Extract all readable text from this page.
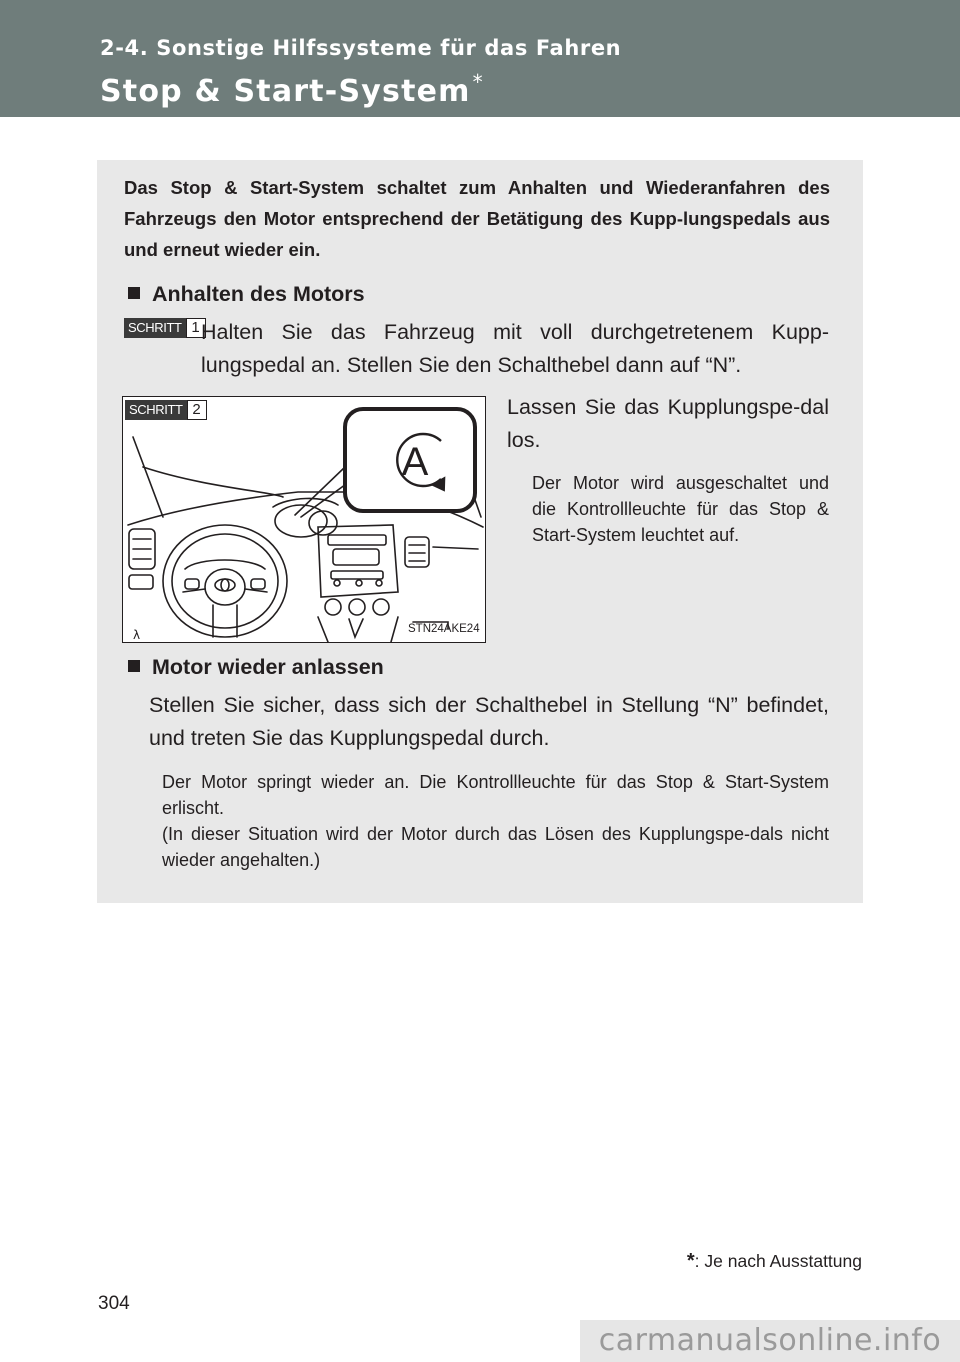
2-4. Sonstige Hilfssysteme für das Fahren
Stop & Start-System *
Das Stop & Start-System schaltet zum Anhalten und Wiederanfahren des Fahrzeugs den Motor entsprechend der Betätigung des Kupp-lungspedals aus und erneut wieder ein.
Anhalten des Motors
SCHRITT 1 Halten Sie das Fahrzeug mit voll durchgetretenem Kupp-lungspedal an. Stellen Sie den Schalthebel dann auf “N”.
A
λ
SCHRITT 2
STN24AKE24
Lassen Sie das Kupplungspe-dal los.
Der Motor wird ausgeschaltet und die Kontrollleuchte für das Stop & Start-System leuchtet auf.
Motor wieder anlassen
Stellen Sie sicher, dass sich der Schalthebel in Stellung “N” befindet, und treten Sie das Kupplungspedal durch.
Der Motor springt wieder an. Die Kontrollleuchte für das Stop & Start-System erlischt.
(In dieser Situation wird der Motor durch das Lösen des Kupplungspe-dals nicht wieder angehalten.)
*: Je nach Ausstattung
304
carmanualsonline.info
